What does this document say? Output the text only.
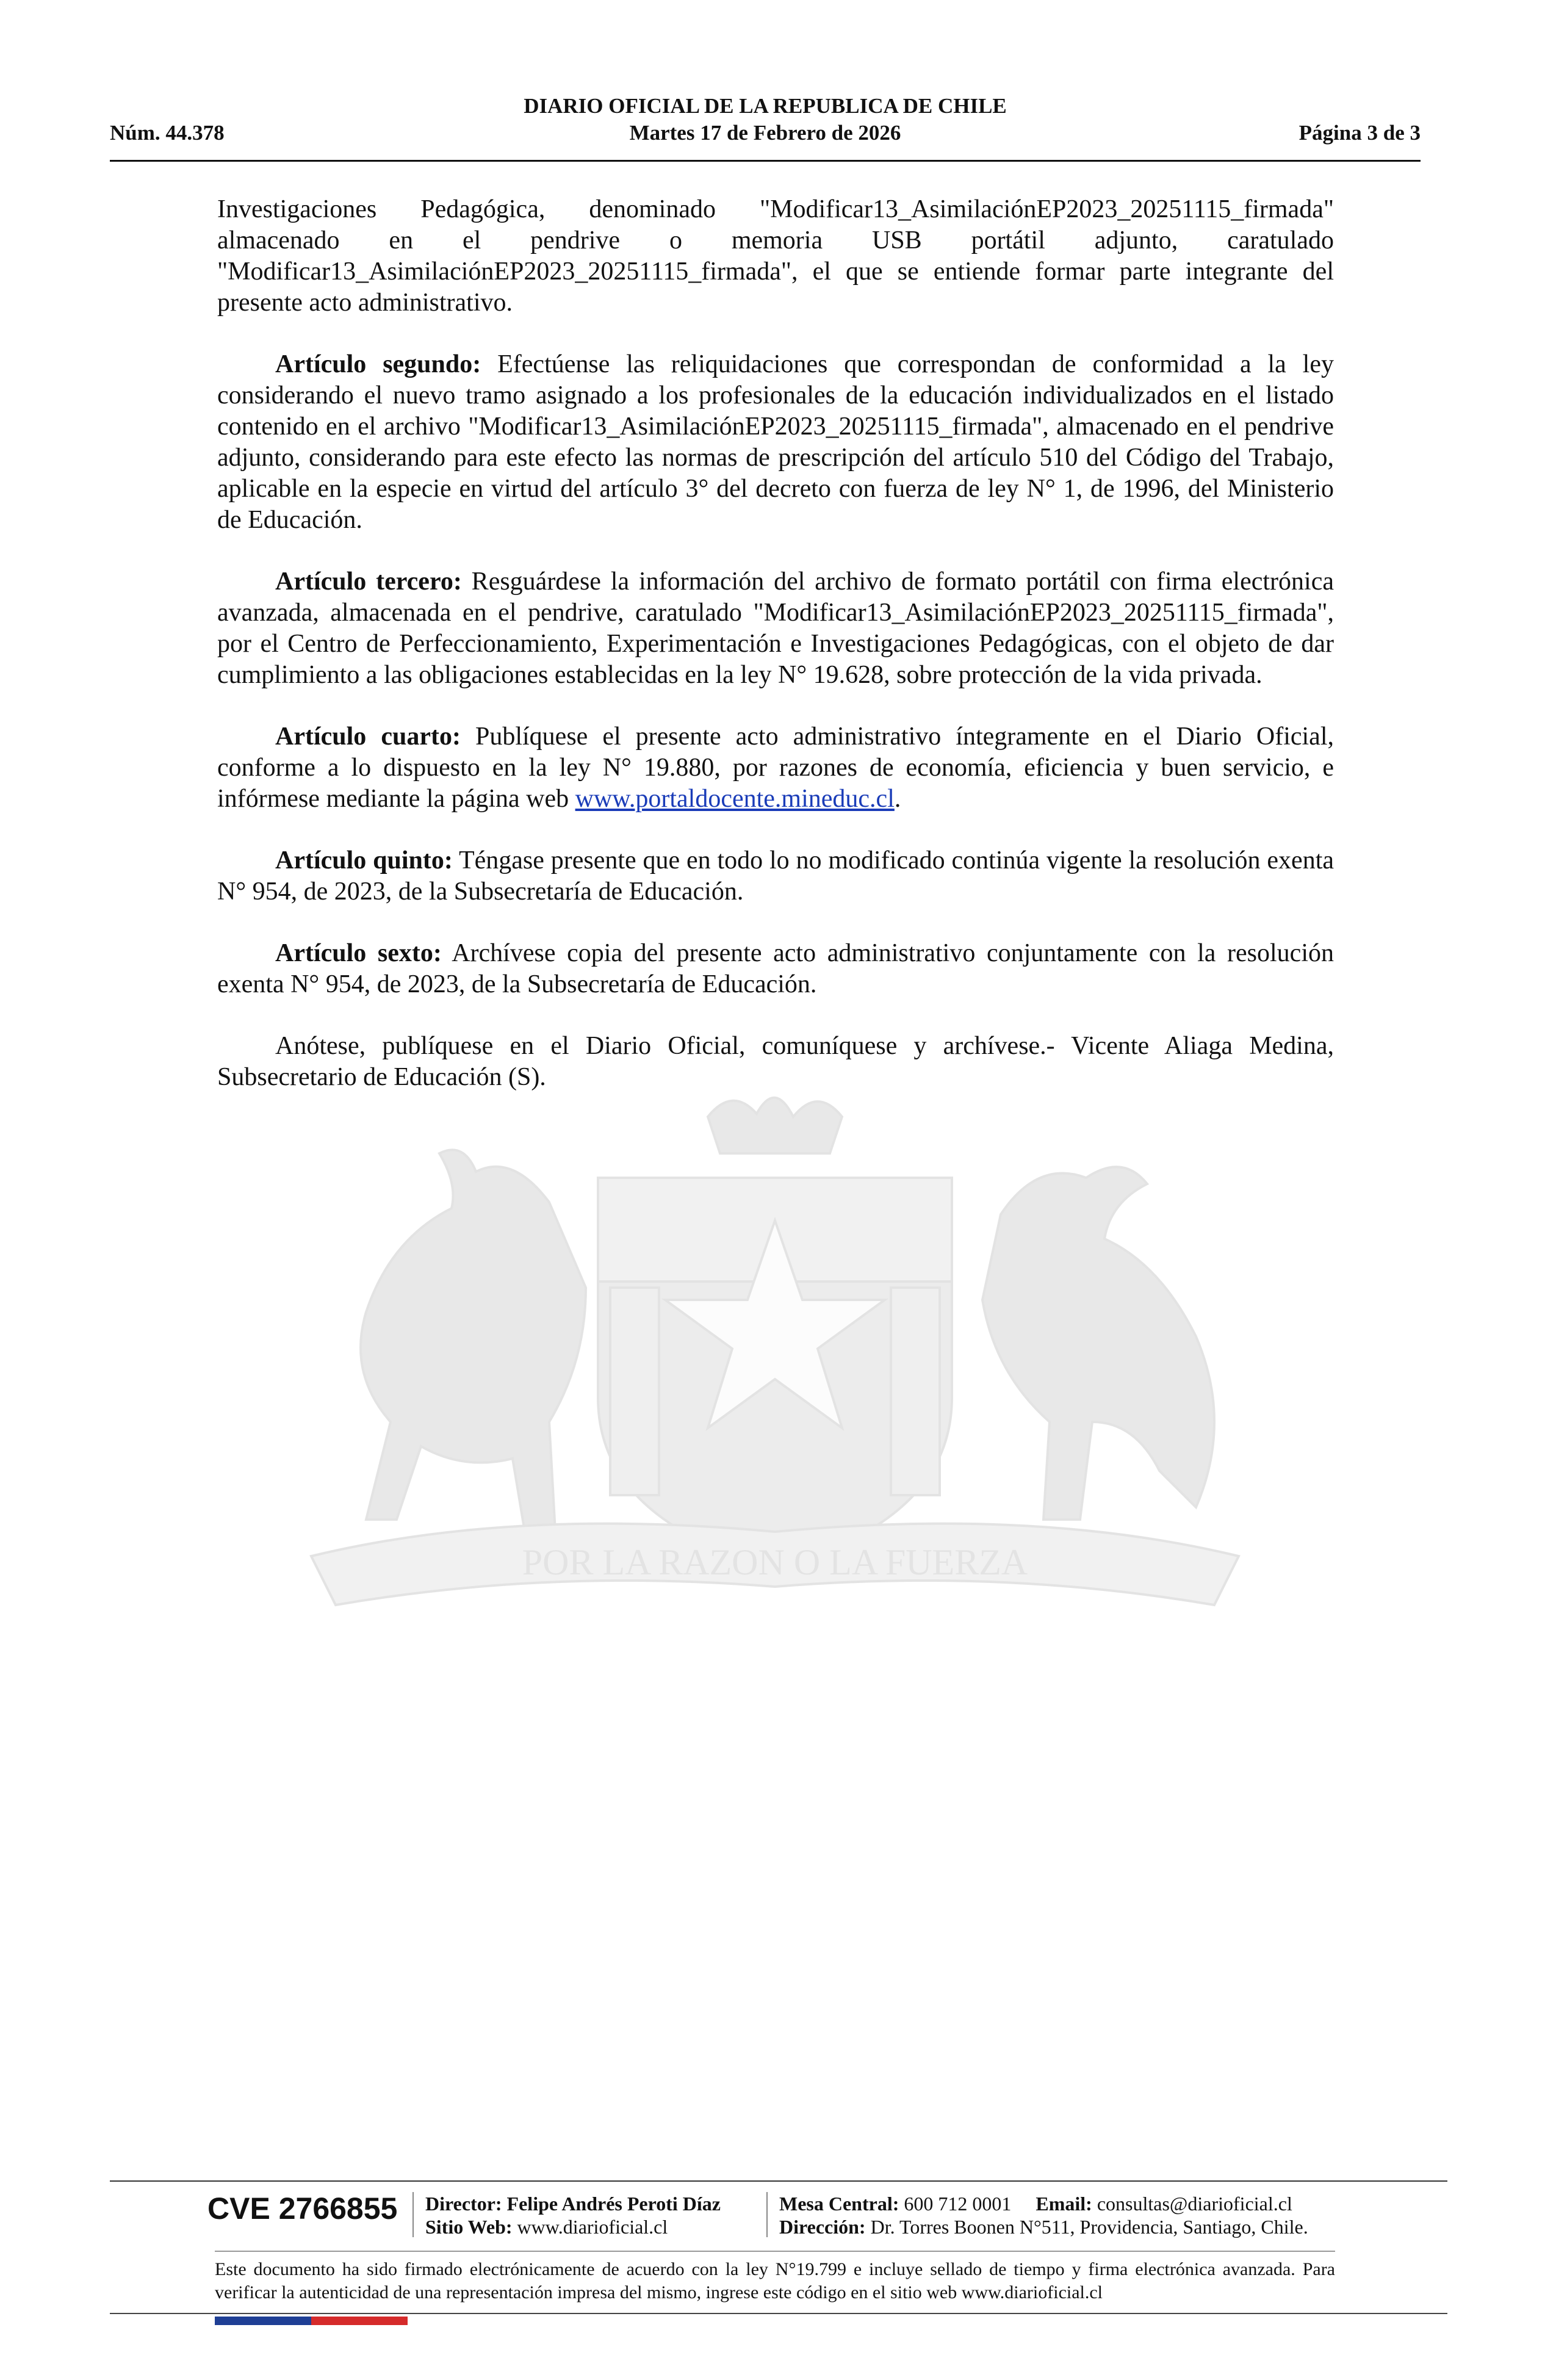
DIARIO OFICIAL DE LA REPUBLICA DE CHILE
Martes 17 de Febrero de 2026
Núm. 44.378	Página 3 de 3
POR LA RAZON O LA FUERZA

Investigaciones Pedagógica, denominado "Modificar13_AsimilaciónEP2023_20251115_firmada" almacenado en el pendrive o memoria USB portátil adjunto, caratulado "Modificar13_AsimilaciónEP2023_20251115_firmada", el que se entiende formar parte integrante del presente acto administrativo.

Artículo segundo: Efectúense las reliquidaciones que correspondan de conformidad a la ley considerando el nuevo tramo asignado a los profesionales de la educación individualizados en el listado contenido en el archivo "Modificar13_AsimilaciónEP2023_20251115_firmada", almacenado en el pendrive adjunto, considerando para este efecto las normas de prescripción del artículo 510 del Código del Trabajo, aplicable en la especie en virtud del artículo 3° del decreto con fuerza de ley N° 1, de 1996, del Ministerio de Educación.

Artículo tercero: Resguárdese la información del archivo de formato portátil con firma electrónica avanzada, almacenada en el pendrive, caratulado "Modificar13_AsimilaciónEP2023_20251115_firmada", por el Centro de Perfeccionamiento, Experimentación e Investigaciones Pedagógicas, con el objeto de dar cumplimiento a las obligaciones establecidas en la ley N° 19.628, sobre protección de la vida privada.

Artículo cuarto: Publíquese el presente acto administrativo íntegramente en el Diario Oficial, conforme a lo dispuesto en la ley N° 19.880, por razones de economía, eficiencia y buen servicio, e infórmese mediante la página web www.portaldocente.mineduc.cl.

Artículo quinto: Téngase presente que en todo lo no modificado continúa vigente la resolución exenta N° 954, de 2023, de la Subsecretaría de Educación.

Artículo sexto: Archívese copia del presente acto administrativo conjuntamente con la resolución exenta N° 954, de 2023, de la Subsecretaría de Educación.

Anótese, publíquese en el Diario Oficial, comuníquese y archívese.- Vicente Aliaga Medina, Subsecretario de Educación (S).

CVE 2766855 Director: Felipe Andrés Peroti Díaz
Sitio Web: www.diarioficial.cl
Mesa Central: 600 712 0001 Email: consultas@diarioficial.cl
Dirección: Dr. Torres Boonen N°511, Providencia, Santiago, Chile.
Este documento ha sido firmado electrónicamente de acuerdo con la ley N°19.799 e incluye sellado de tiempo y firma electrónica avanzada. Para verificar la autenticidad de una representación impresa del mismo, ingrese este código en el sitio web www.diarioficial.cl
